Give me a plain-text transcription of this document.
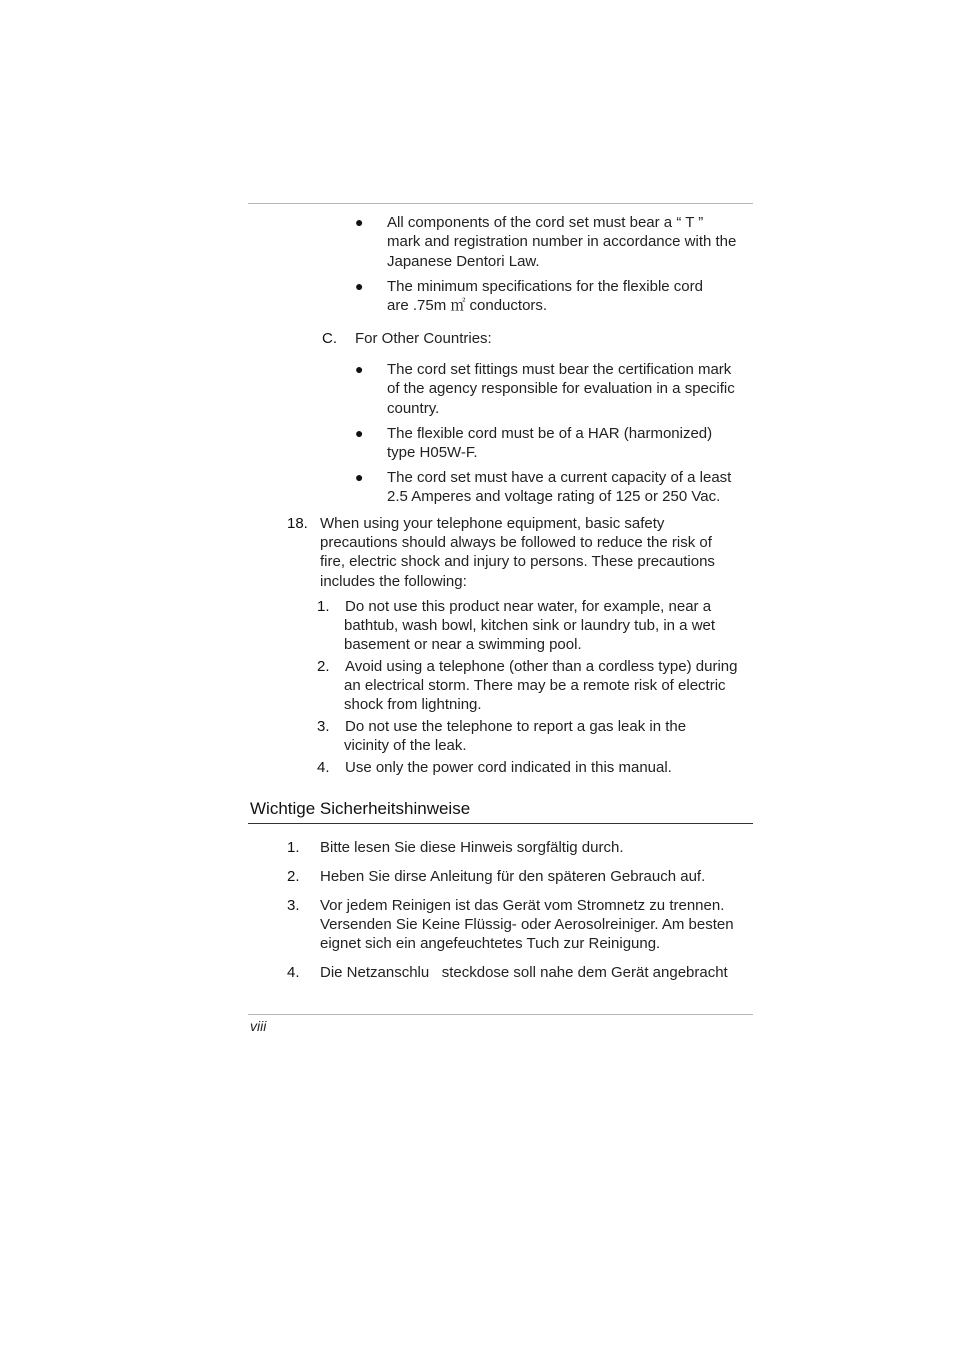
● All components of the cord set must bear a “ T ”
mark and registration number in accordance with the
Japanese Dentori Law.
● The minimum specifications for the flexible cord
are .75m ㎡ conductors.
C. For Other Countries:
● The cord set fittings must bear the certification mark
of the agency responsible for evaluation in a specific
country.
● The flexible cord must be of a HAR (harmonized)
type H05W-F.
● The cord set must have a current capacity of a least
2.5 Amperes and voltage rating of 125 or 250 Vac.
18. When using your telephone equipment, basic safety
precautions should always be followed to reduce the risk of
fire, electric shock and injury to persons. These precautions
includes the following:
1. Do not use this product near water, for example, near a
bathtub, wash bowl, kitchen sink or laundry tub, in a wet
basement or near a swimming pool.
2. Avoid using a telephone (other than a cordless type) during
an electrical storm. There may be a remote risk of electric
shock from lightning.
3. Do not use the telephone to report a gas leak in the
vicinity of the leak.
4. Use only the power cord indicated in this manual.
Wichtige Sicherheitshinweise
1. Bitte lesen Sie diese Hinweis sorgfältig durch.
2. Heben Sie dirse Anleitung für den späteren Gebrauch auf.
3. Vor jedem Reinigen ist das Gerät vom Stromnetz zu trennen.
Versenden Sie Keine Flüssig- oder Aerosolreiniger. Am besten
eignet sich ein angefeuchtetes Tuch zur Reinigung.
4. Die Netzanschlu   steckdose soll nahe dem Gerät angebracht
viii
